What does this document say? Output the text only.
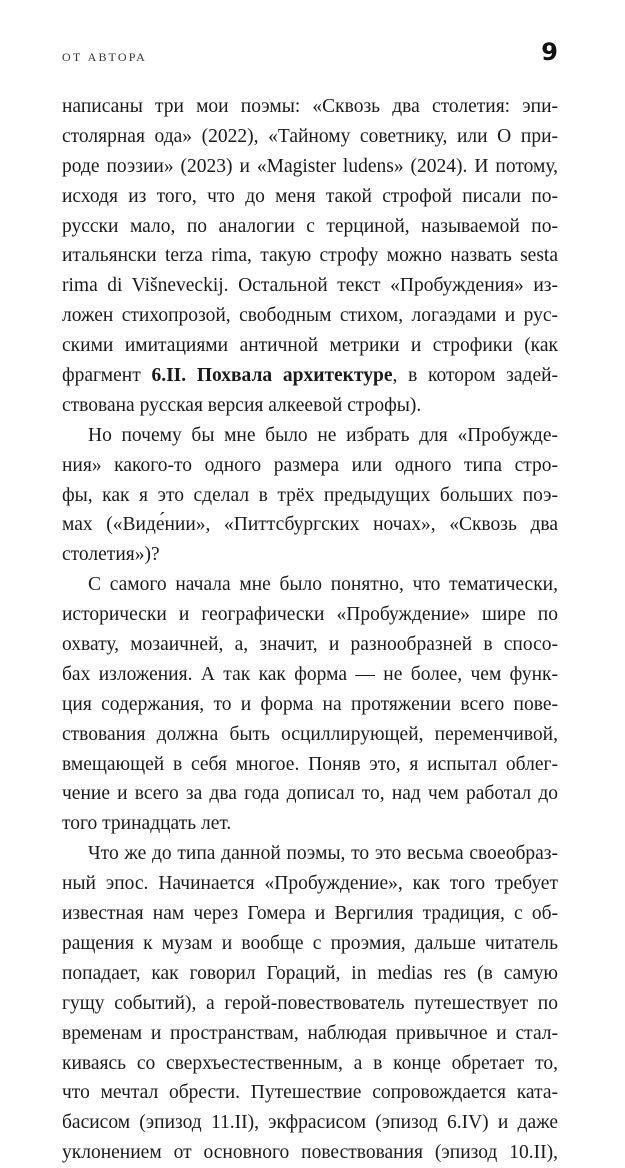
ОТ АВТОРА	9
написаны три мои поэмы: «Сквозь два столетия: эпи-
столярная ода» (2022), «Тайному советнику, или О при-
роде поэзии» (2023) и «Magister ludens» (2024). И потому,
исходя из того, что до меня такой строфой писали по-
русски мало, по аналогии с терциной, называемой по-
итальянски terza rima, такую строфу можно назвать sesta
rima di Višneveckij. Остальной текст «Пробуждения» из-
ложен стихопрозой, свободным стихом, логаэдами и рус-
скими имитациями античной метрики и строфики (как
фрагмент 6.II. Похвала архитектуре, в котором задей-
ствована русская версия алкеевой строфы).
Но почему бы мне было не избрать для «Пробужде-
ния» какого-то одного размера или одного типа стро-
фы, как я это сделал в трёх предыдущих больших поэ-
мах («Виде́нии», «Питтсбургских ночах», «Сквозь два
столетия»)?
С самого начала мне было понятно, что тематически,
исторически и географически «Пробуждение» шире по
охвату, мозаичней, а, значит, и разнообразней в спосо-
бах изложения. А так как форма — не более, чем функ-
ция содержания, то и форма на протяжении всего пове-
ствования должна быть осциллирующей, переменчивой,
вмещающей в себя многое. Поняв это, я испытал облег-
чение и всего за два года дописал то, над чем работал до
того тринадцать лет.
Что же до типа данной поэмы, то это весьма своеобраз-
ный эпос. Начинается «Пробуждение», как того требует
известная нам через Гомера и Вергилия традиция, с об-
ращения к музам и вообще с проэмия, дальше читатель
попадает, как говорил Гораций, in medias res (в самую
гущу событий), а герой-повествователь путешествует по
временам и пространствам, наблюдая привычное и стал-
киваясь со сверхъестественным, а в конце обретает то,
что мечтал обрести. Путешествие сопровождается ката-
басисом (эпизод 11.II), экфрасисом (эпизод 6.IV) и даже
уклонением от основного повествования (эпизод 10.II),
